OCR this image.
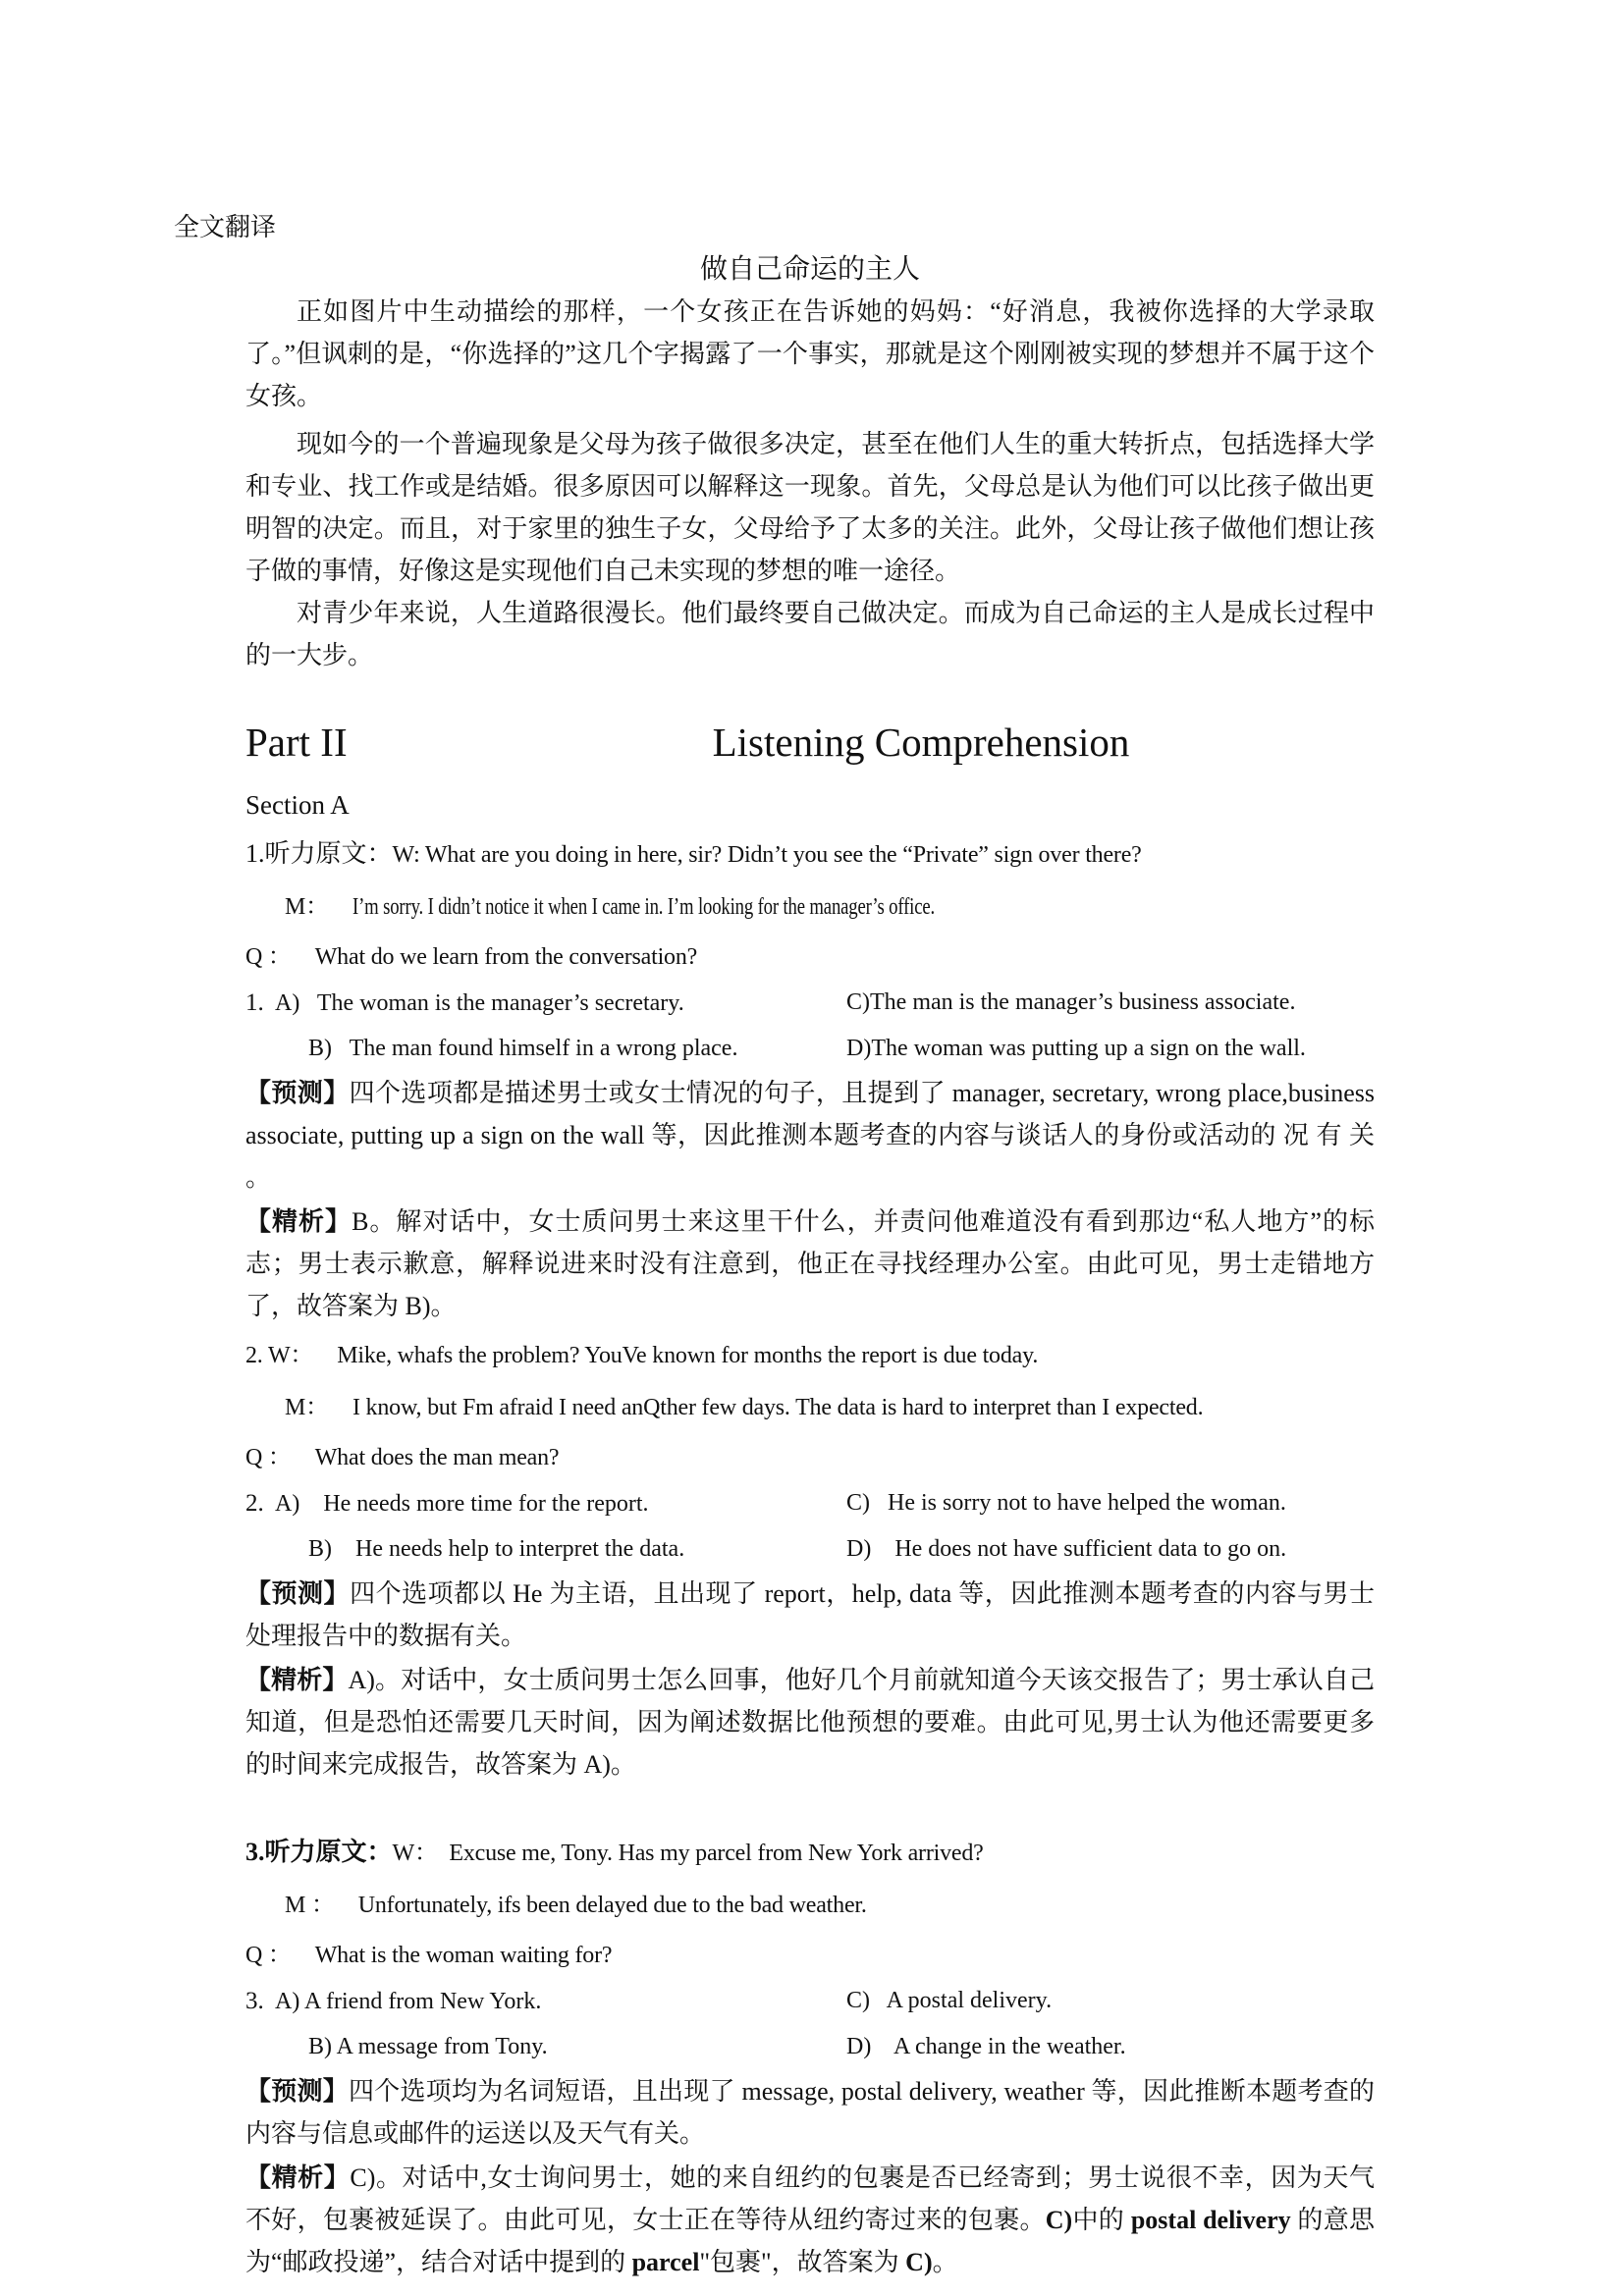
全文翻译
做自己命运的主人

正如图片中生动描绘的那样，一个女孩正在告诉她的妈妈：“好消息，我被你选择的大学录取了。”但讽刺的是，“你选择的”这几个字揭露了一个事实，那就是这个刚刚被实现的梦想并不属于这个女孩。

现如今的一个普遍现象是父母为孩子做很多决定，甚至在他们人生的重大转折点，包括选择大学和专业、找工作或是结婚。很多原因可以解释这一现象。首先，父母总是认为他们可以比孩子做出更明智的决定。而且，对于家里的独生子女，父母给予了太多的关注。此外，父母让孩子做他们想让孩子做的事情，好像这是实现他们自己未实现的梦想的唯一途径。

对青少年来说，人生道路很漫长。他们最终要自己做决定。而成为自己命运的主人是成长过程中的一大步。

Part II	Listening Comprehension
Section A
1.听力原文：W: What are you doing in here, sir? Didn’t you see the “Private” sign over there?
M： I’m sorry. I didn’t notice it when I came in. I’m looking for the manager’s office.
Q ： What do we learn from the conversation?
1. A)   The woman is the manager’s secretary.	C)The man is the manager’s business associate.
B)   The man found himself in a wrong place.	D)The woman was putting up a sign on the wall.
【预测】四个选项都是描述男士或女士情况的句子，且提到了 manager, secretary, wrong place,business associate, putting up a sign on the wall 等，因此推测本题考查的内容与谈话人的身份或活动的 况 有 关 。
【精析】B。解对话中，女士质问男士来这里干什么，并责问他难道没有看到那边“私人地方”的标志；男士表示歉意，解释说进来时没有注意到，他正在寻找经理办公室。由此可见，男士走错地方了，故答案为 B)。
2. W： Mike, whafs the problem? YouVe known for months the report is due today.
M： I know, but Fm afraid I need anQther few days. The data is hard to interpret than I expected.
Q ： What does the man mean?
2. A)    He needs more time for the report.	C)   He is sorry not to have helped the woman.
B)    He needs help to interpret the data.	D)    He does not have sufficient data to go on.
【预测】四个选项都以 He 为主语，且出现了 report，help, data 等，因此推测本题考查的内容与男士处理报告中的数据有关。
【精析】A)。对话中，女士质问男士怎么回事，他好几个月前就知道今天该交报告了；男士承认自己知道，但是恐怕还需要几天时间，因为阐述数据比他预想的要难。由此可见,男士认为他还需要更多的时间来完成报告，故答案为 A)。
3.听力原文：W：  Excuse me, Tony. Has my parcel from New York arrived?
M ： Unfortunately, ifs been delayed due to the bad weather.
Q ： What is the woman waiting for?
3. A) A friend from New York.	C)   A postal delivery.
B) A message from Tony.	D)    A change in the weather.
【预测】四个选项均为名词短语，且出现了 message, postal delivery, weather 等，因此推断本题考查的内容与信息或邮件的运送以及天气有关。
【精析】C)。对话中,女士询问男士，她的来自纽约的包裹是否已经寄到；男士说很不幸，因为天气不好，包裹被延误了。由此可见，女士正在等待从纽约寄过来的包裹。C)中的 postal delivery 的意思为“邮政投递”，结合对话中提到的 parcel"包裹"，故答案为 C)。
